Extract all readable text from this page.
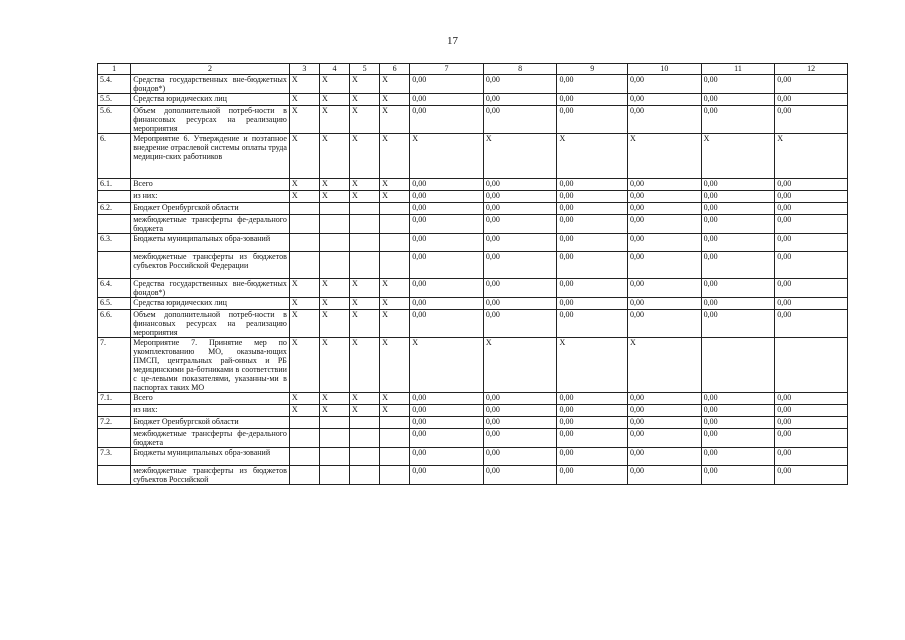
17
1	2	3	4	5	6	7	8	9	10	11	12
5.4.	Средства государственных вне-бюджетных фондов*)	X	X	X	X	0,00	0,00	0,00	0,00	0,00	0,00
5.5.	Средства юридических лиц	X	X	X	X	0,00	0,00	0,00	0,00	0,00	0,00
5.6.	Объем дополнительной потреб-ности в финансовых ресурсах на реализацию мероприятия	X	X	X	X	0,00	0,00	0,00	0,00	0,00	0,00
6.	Мероприятие 6. Утверждение и поэтапное внедрение отраслевой системы оплаты труда медицин-ских работников	X	X	X	X	X	X	X	X	X	X
6.1.	Всего	X	X	X	X	0,00	0,00	0,00	0,00	0,00	0,00
	из них:	X	X	X	X	0,00	0,00	0,00	0,00	0,00	0,00
6.2.	Бюджет Оренбургской области					0,00	0,00	0,00	0,00	0,00	0,00
	межбюджетные трансферты фе-дерального бюджета					0,00	0,00	0,00	0,00	0,00	0,00
6.3.	Бюджеты муниципальных обра-зований					0,00	0,00	0,00	0,00	0,00	0,00
	межбюджетные трансферты из бюджетов субъектов Российской Федерации					0,00	0,00	0,00	0,00	0,00	0,00
6.4.	Средства государственных вне-бюджетных фондов*)	X	X	X	X	0,00	0,00	0,00	0,00	0,00	0,00
6.5.	Средства юридических лиц	X	X	X	X	0,00	0,00	0,00	0,00	0,00	0,00
6.6.	Объем дополнительной потреб-ности в финансовых ресурсах на реализацию мероприятия	X	X	X	X	0,00	0,00	0,00	0,00	0,00	0,00
7.	Мероприятие 7. Принятие мер по укомплектованию МО, оказыва-ющих ПМСП, центральных рай-онных и РБ медицинскими ра-ботниками в соответствии с це-левыми показателями, указанны-ми в паспортах таких МО	X	X	X	X	X	X	X	X		
7.1.	Всего	X	X	X	X	0,00	0,00	0,00	0,00	0,00	0,00
	из них:	X	X	X	X	0,00	0,00	0,00	0,00	0,00	0,00
7.2.	Бюджет Оренбургской области					0,00	0,00	0,00	0,00	0,00	0,00
	межбюджетные трансферты фе-дерального бюджета					0,00	0,00	0,00	0,00	0,00	0,00
7.3.	Бюджеты муниципальных обра-зований					0,00	0,00	0,00	0,00	0,00	0,00
	межбюджетные трансферты из бюджетов субъектов Российской					0,00	0,00	0,00	0,00	0,00	0,00
